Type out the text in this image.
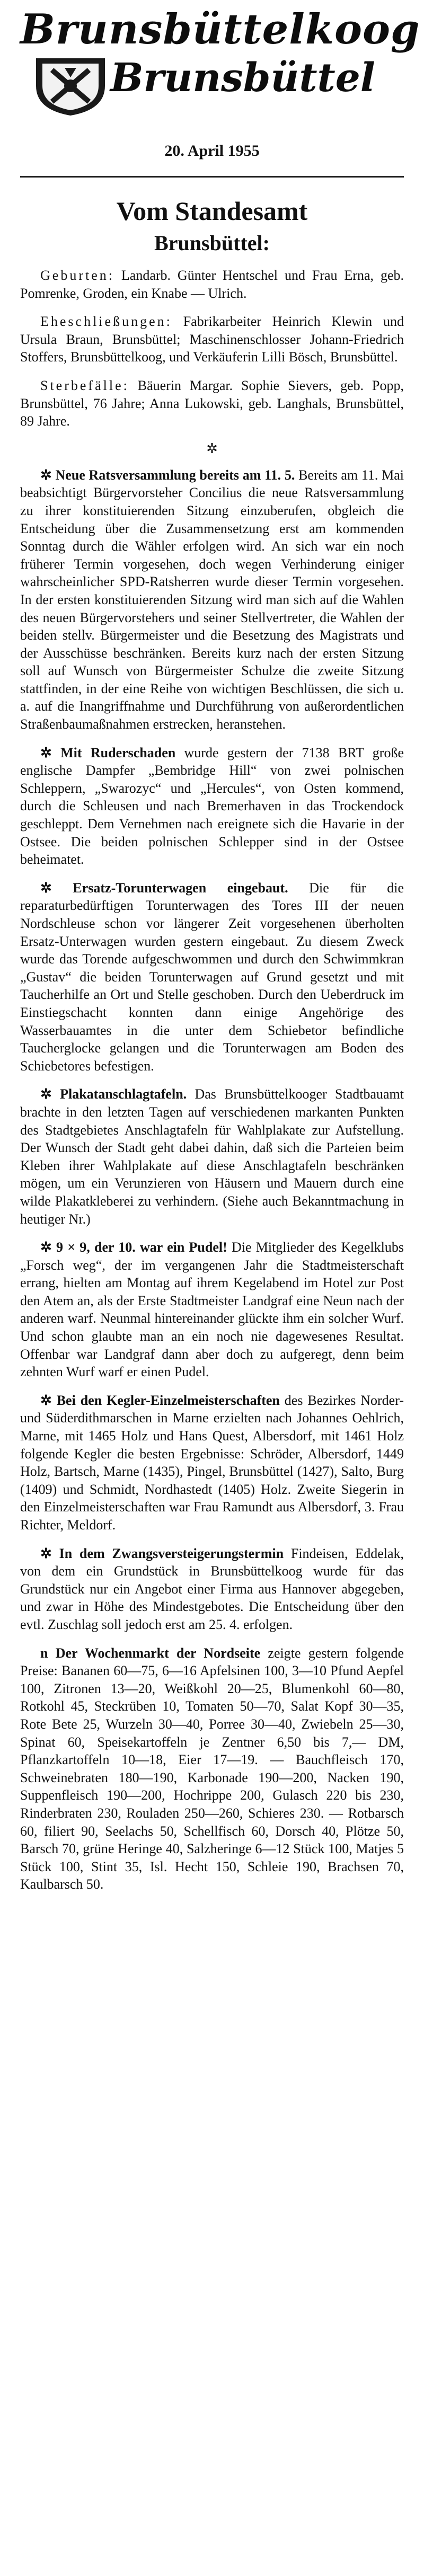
Brunsbüttelkoog
Brunsbüttel
20. April 1955
Vom Standesamt
Brunsbüttel:

Geburten: Landarb. Günter Hentschel und Frau Erna, geb. Pomrenke, Groden, ein Knabe — Ulrich.

Eheschließungen: Fabrikarbeiter Heinrich Klewin und Ursula Braun, Brunsbüttel; Maschinenschlosser Johann-Friedrich Stoffers, Brunsbüttelkoog, und Verkäuferin Lilli Bösch, Brunsbüttel.

Sterbefälle: Bäuerin Margar. Sophie Sievers, geb. Popp, Brunsbüttel, 76 Jahre; Anna Lukowski, geb. Langhals, Brunsbüttel, 89 Jahre.

✲

✲ Neue Ratsversammlung bereits am 11. 5. Bereits am 11. Mai beabsichtigt Bürgervorsteher Concilius die neue Ratsversammlung zu ihrer konstituierenden Sitzung einzuberufen, obgleich die Entscheidung über die Zusammensetzung erst am kommenden Sonntag durch die Wähler erfolgen wird. An sich war ein noch früherer Termin vorgesehen, doch wegen Verhinderung einiger wahrscheinlicher SPD-Ratsherren wurde dieser Termin vorgesehen. In der ersten konstituierenden Sitzung wird man sich auf die Wahlen des neuen Bürgervorstehers und seiner Stellvertreter, die Wahlen der beiden stellv. Bürgermeister und die Besetzung des Magistrats und der Ausschüsse beschränken. Bereits kurz nach der ersten Sitzung soll auf Wunsch von Bürgermeister Schulze die zweite Sitzung stattfinden, in der eine Reihe von wichtigen Beschlüssen, die sich u. a. auf die Inangriffnahme und Durchführung von außerordentlichen Straßenbaumaßnahmen erstrecken, heranstehen.

✲ Mit Ruderschaden wurde gestern der 7138 BRT große englische Dampfer „Bembridge Hill“ von zwei polnischen Schleppern, „Swarozyc“ und „Hercules“, von Osten kommend, durch die Schleusen und nach Bremerhaven in das Trockendock geschleppt. Dem Vernehmen nach ereignete sich die Havarie in der Ostsee. Die beiden polnischen Schlepper sind in der Ostsee beheimatet.

✲ Ersatz-Torunterwagen eingebaut. Die für die reparaturbedürftigen Torunterwagen des Tores III der neuen Nordschleuse schon vor längerer Zeit vorgesehenen überholten Ersatz-Unterwagen wurden gestern eingebaut. Zu diesem Zweck wurde das Torende aufgeschwommen und durch den Schwimmkran „Gustav“ die beiden Torunterwagen auf Grund gesetzt und mit Taucherhilfe an Ort und Stelle geschoben. Durch den Ueberdruck im Einstiegschacht konnten dann einige Angehörige des Wasserbauamtes in die unter dem Schiebetor befindliche Taucherglocke gelangen und die Torunterwagen am Boden des Schiebetores befestigen.

✲ Plakatanschlagtafeln. Das Brunsbüttelkooger Stadtbauamt brachte in den letzten Tagen auf verschiedenen markanten Punkten des Stadtgebietes Anschlagtafeln für Wahlplakate zur Aufstellung. Der Wunsch der Stadt geht dabei dahin, daß sich die Parteien beim Kleben ihrer Wahlplakate auf diese Anschlagtafeln beschränken mögen, um ein Verunzieren von Häusern und Mauern durch eine wilde Plakatkleberei zu verhindern. (Siehe auch Bekanntmachung in heutiger Nr.)

✲ 9 × 9, der 10. war ein Pudel! Die Mitglieder des Kegelklubs „Forsch weg“, der im vergangenen Jahr die Stadtmeisterschaft errang, hielten am Montag auf ihrem Kegelabend im Hotel zur Post den Atem an, als der Erste Stadtmeister Landgraf eine Neun nach der anderen warf. Neunmal hintereinander glückte ihm ein solcher Wurf. Und schon glaubte man an ein noch nie dagewesenes Resultat. Offenbar war Landgraf dann aber doch zu aufgeregt, denn beim zehnten Wurf warf er einen Pudel.

✲ Bei den Kegler-Einzelmeisterschaften des Bezirkes Norder- und Süderdithmarschen in Marne erzielten nach Johannes Oehlrich, Marne, mit 1465 Holz und Hans Quest, Albersdorf, mit 1461 Holz folgende Kegler die besten Ergebnisse: Schröder, Albersdorf, 1449 Holz, Bartsch, Marne (1435), Pingel, Brunsbüttel (1427), Salto, Burg (1409) und Schmidt, Nordhastedt (1405) Holz. Zweite Siegerin in den Einzelmeisterschaften war Frau Ramundt aus Albersdorf, 3. Frau Richter, Meldorf.

✲ In dem Zwangsversteigerungstermin Findeisen, Eddelak, von dem ein Grundstück in Brunsbüttelkoog wurde für das Grundstück nur ein Angebot einer Firma aus Hannover abgegeben, und zwar in Höhe des Mindestgebotes. Die Entscheidung über den evtl. Zuschlag soll jedoch erst am 25. 4. erfolgen.

n Der Wochenmarkt der Nordseite zeigte gestern folgende Preise: Bananen 60—75, 6—16 Apfelsinen 100, 3—10 Pfund Aepfel 100, Zitronen 13—20, Weißkohl 20—25, Blumenkohl 60—80, Rotkohl 45, Steckrüben 10, Tomaten 50—70, Salat Kopf 30—35, Rote Bete 25, Wurzeln 30—40, Porree 30—40, Zwiebeln 25—30, Spinat 60, Speisekartoffeln je Zentner 6,50 bis 7,— DM, Pflanzkartoffeln 10—18, Eier 17—19. — Bauchfleisch 170, Schweinebraten 180—190, Karbonade 190—200, Nacken 190, Suppenfleisch 190—200, Hochrippe 200, Gulasch 220 bis 230, Rinderbraten 230, Rouladen 250—260, Schieres 230. — Rotbarsch 60, filiert 90, Seelachs 50, Schellfisch 60, Dorsch 40, Plötze 50, Barsch 70, grüne Heringe 40, Salzheringe 6—12 Stück 100, Matjes 5 Stück 100, Stint 35, Isl. Hecht 150, Schleie 190, Brachsen 70, Kaulbarsch 50.
